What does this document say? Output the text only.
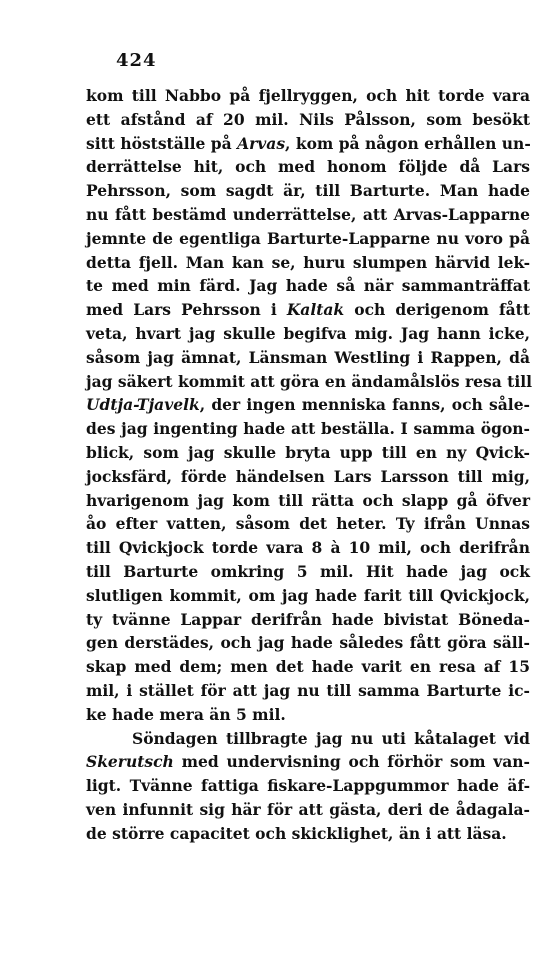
424
kom till Nabbo på fjellryggen, och hit torde vara
ett afstånd af 20 mil. Nils Pålsson, som besökt
sitt höstställe på Arvas, kom på någon erhållen un-
derrättelse hit, och med honom följde då Lars
Pehrsson, som sagdt är, till Barturte. Man hade
nu fått bestämd underrättelse, att Arvas-Lapparne
jemnte de egentliga Barturte-Lapparne nu voro på
detta fjell. Man kan se, huru slumpen härvid lek-
te med min färd. Jag hade så när sammanträffat
med Lars Pehrsson i Kaltak och derigenom fått
veta, hvart jag skulle begifva mig. Jag hann icke,
såsom jag ämnat, Länsman Westling i Rappen, då
jag säkert kommit att göra en ändamålslös resa till
Udtja-Tjavelk, der ingen menniska fanns, och såle-
des jag ingenting hade att beställa. I samma ögon-
blick, som jag skulle bryta upp till en ny Qvick-
jocksfärd, förde händelsen Lars Larsson till mig,
hvarigenom jag kom till rätta och slapp gå öfver
åo efter vatten, såsom det heter. Ty ifrån Unnas
till Qvickjock torde vara 8 à 10 mil, och derifrån
till Barturte omkring 5 mil. Hit hade jag ock
slutligen kommit, om jag hade farit till Qvickjock,
ty tvänne Lappar derifrån hade bivistat Böneda-
gen derstädes, och jag hade således fått göra säll-
skap med dem; men det hade varit en resa af 15
mil, i stället för att jag nu till samma Barturte ic-
ke hade mera än 5 mil.
Söndagen tillbragte jag nu uti kåtalaget vid
Skerutsch med undervisning och förhör som van-
ligt. Tvänne fattiga fiskare-Lappgummor hade äf-
ven infunnit sig här för att gästa, deri de ådagala-
de större capacitet och skicklighet, än i att läsa.
